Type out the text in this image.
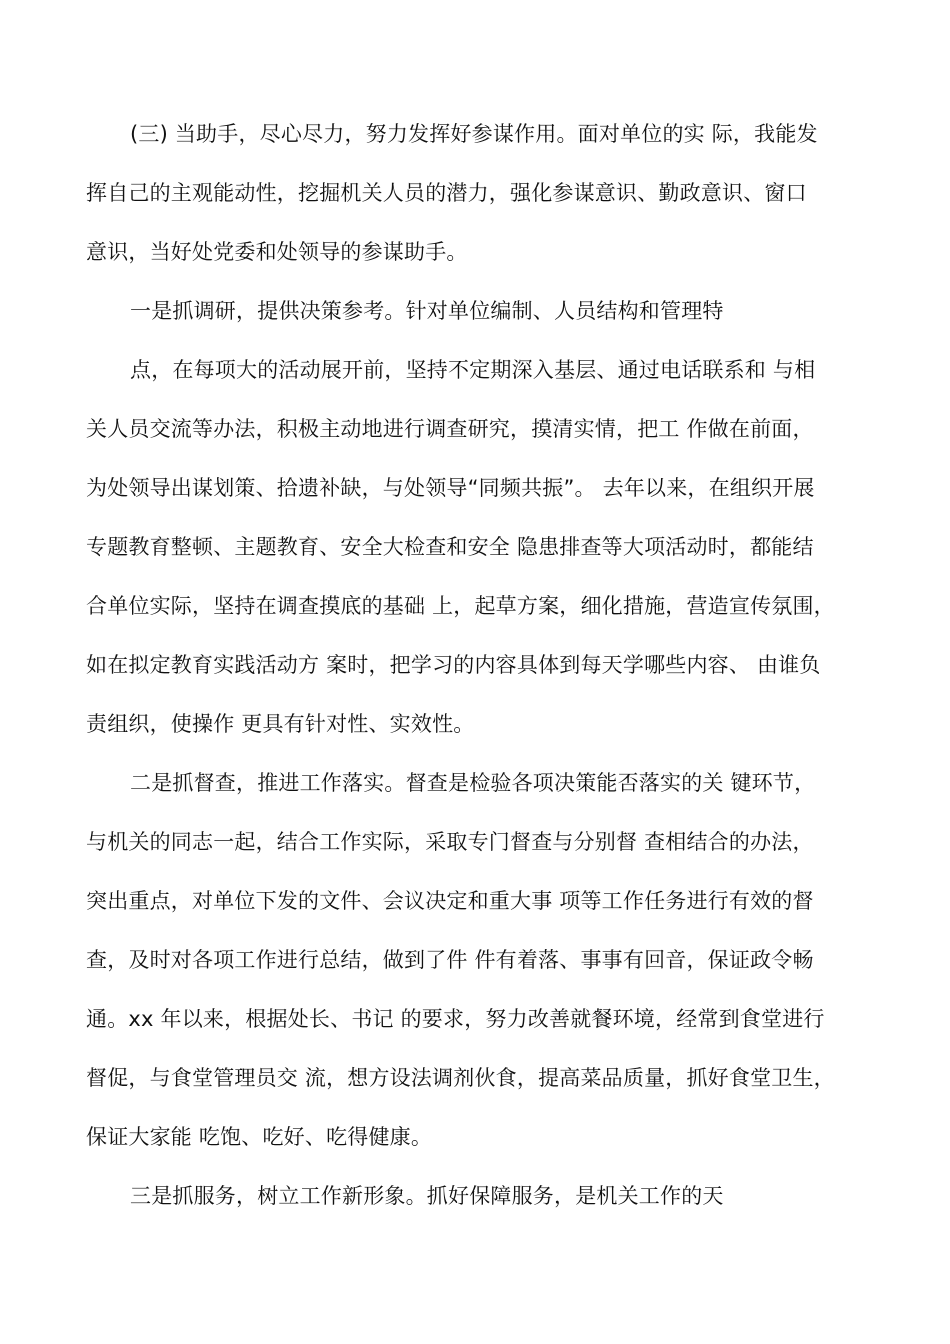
(三) 当助手，尽心尽力，努力发挥好参谋作用。面对单位的实 际，我能发
挥自己的主观能动性，挖掘机关人员的潜力，强化参谋意识、勤政意识、窗口
意识，当好处党委和处领导的参谋助手。
一是抓调研，提供决策参考。针对单位编制、人员结构和管理特
点，在每项大的活动展开前，坚持不定期深入基层、通过电话联系和 与相
关人员交流等办法，积极主动地进行调查研究，摸清实情，把工 作做在前面，
为处领导出谋划策、拾遗补缺，与处领导“同频共振”。 去年以来，在组织开展
专题教育整顿、主题教育、安全大检查和安全 隐患排查等大项活动时，都能结
合单位实际，坚持在调查摸底的基础 上，起草方案，细化措施，营造宣传氛围，
如在拟定教育实践活动方 案时，把学习的内容具体到每天学哪些内容、 由谁负
责组织，使操作 更具有针对性、实效性。
二是抓督查，推进工作落实。督查是检验各项决策能否落实的关 键环节，
与机关的同志一起，结合工作实际，采取专门督查与分别督 查相结合的办法，
突出重点，对单位下发的文件、会议决定和重大事 项等工作任务进行有效的督
查，及时对各项工作进行总结，做到了件 件有着落、事事有回音，保证政令畅
通。xx 年以来，根据处长、书记 的要求，努力改善就餐环境，经常到食堂进行
督促，与食堂管理员交 流，想方设法调剂伙食，提高菜品质量，抓好食堂卫生，
保证大家能 吃饱、吃好、吃得健康。
三是抓服务，树立工作新形象。抓好保障服务，是机关工作的天
